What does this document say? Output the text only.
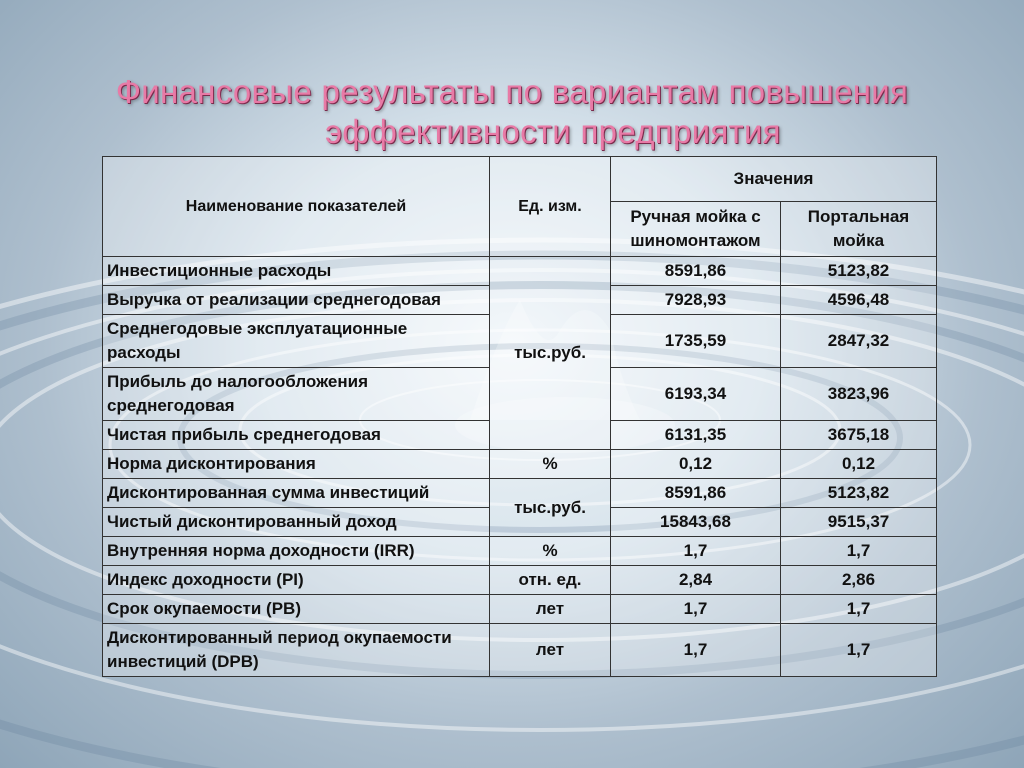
Финансовые результаты по вариантам повышения
эффективности предприятия
Наименование показателей	Ед. изм.	Значения	
		Ручная мойка с шиномонтажом	Портальная мойка
Инвестиционные расходы	тыс.руб.	8591,86	5123,82
Выручка от реализации среднегодовая		7928,93	4596,48
Среднегодовые эксплуатационные расходы		1735,59	2847,32
Прибыль до налогообложения среднегодовая		6193,34	3823,96
Чистая прибыль среднегодовая		6131,35	3675,18
Норма дисконтирования	%	0,12	0,12
Дисконтированная сумма инвестиций	тыс.руб.	8591,86	5123,82
Чистый дисконтированный доход		15843,68	9515,37
Внутренняя норма доходности (IRR)	%	1,7	1,7
Индекс доходности (PI)	отн. ед.	2,84	2,86
Срок окупаемости (PB)	лет	1,7	1,7
Дисконтированный период окупаемости инвестиций (DPB)	лет	1,7	1,7
